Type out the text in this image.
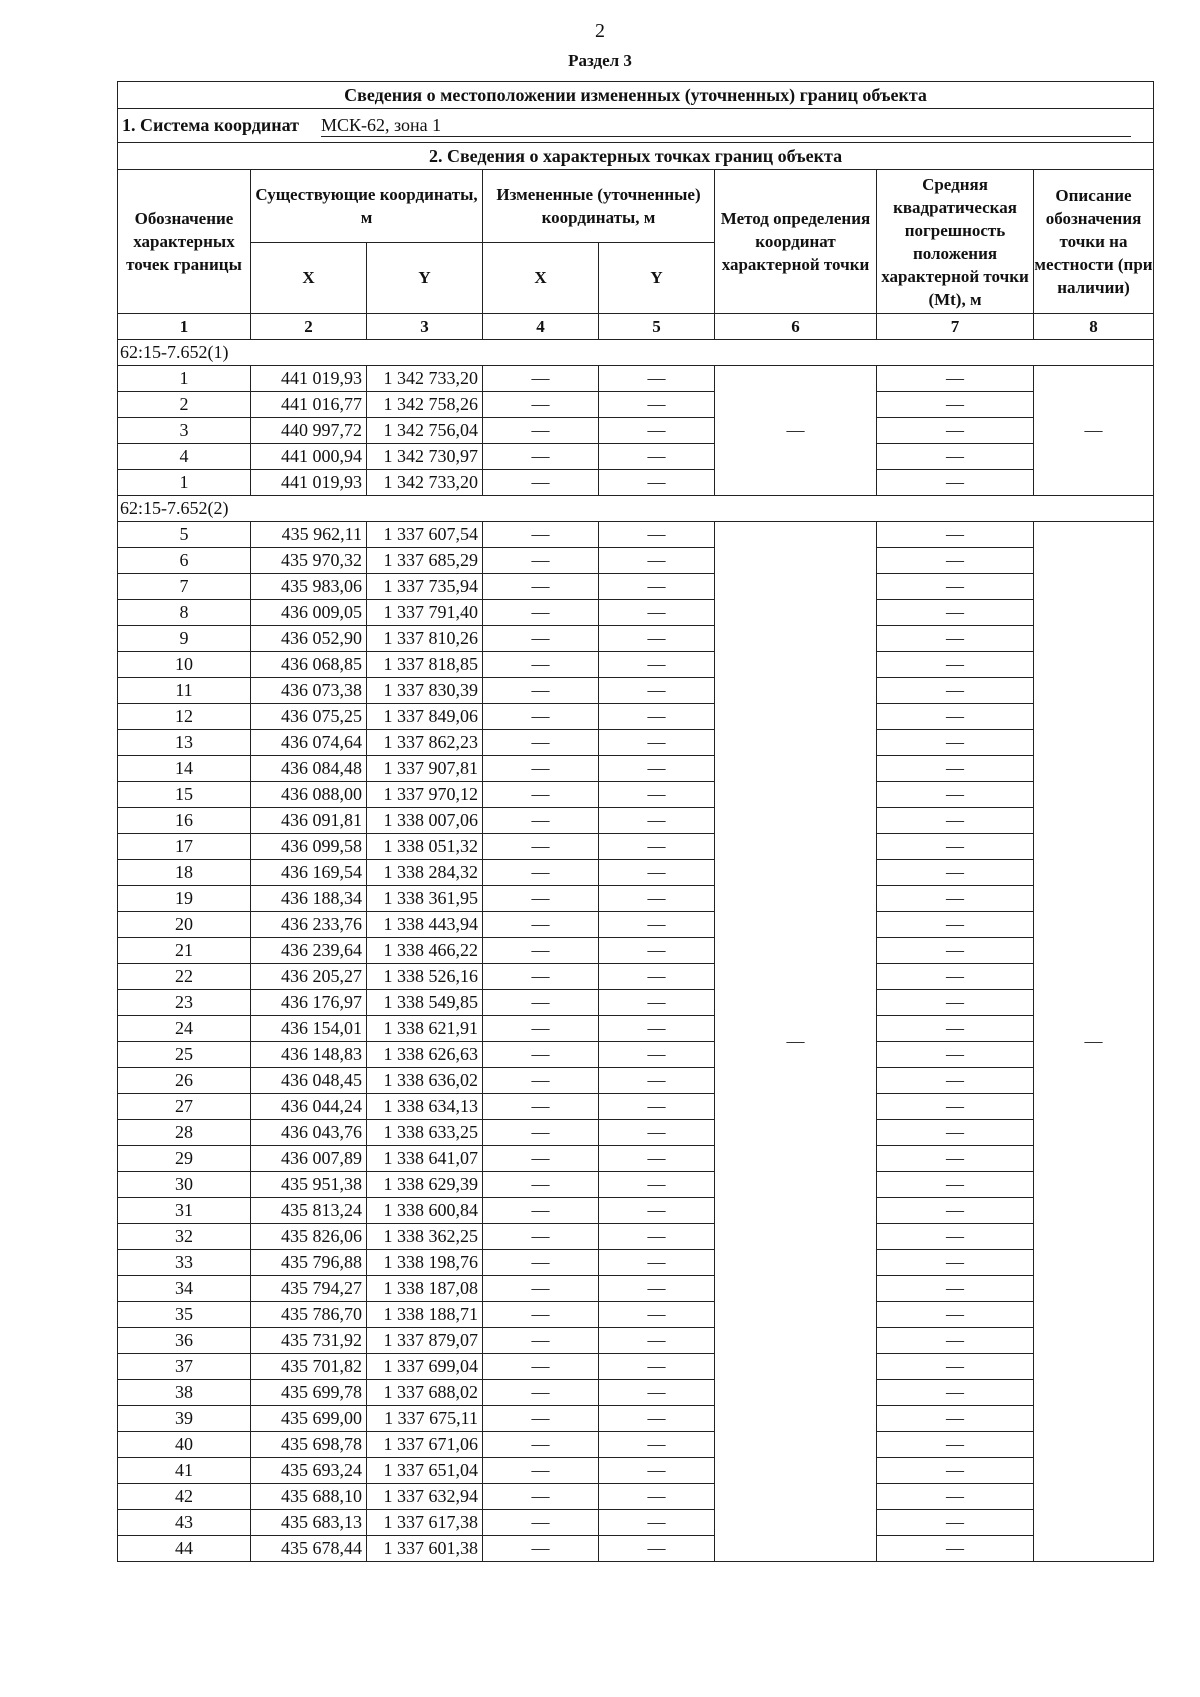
2
Раздел 3
Сведения о местоположении измененных (уточненных) границ объекта							
1. Система координат МСК-62, зона 1							
2. Сведения о характерных точках границ объекта							
Обозначение характерных точек границы	Существующие координаты, м		Измененные (уточненные) координаты, м		Метод определения координат характерной точки	Средняя квадратическая погрешность положения характерной точки (Mt), м	Описание обозначения точки на местности (при наличии)
	X	Y	X	Y			
1	2	3	4	5	6	7	8
62:15-7.652(1)							
1	441 019,93	1 342 733,20	—	—	—	—	—
2	441 016,77	1 342 758,26	—	—		—	
3	440 997,72	1 342 756,04	—	—		—	
4	441 000,94	1 342 730,97	—	—		—	
1	441 019,93	1 342 733,20	—	—		—	
62:15-7.652(2)							
5	435 962,11	1 337 607,54	—	—	—	—	—
6	435 970,32	1 337 685,29	—	—		—	
7	435 983,06	1 337 735,94	—	—		—	
8	436 009,05	1 337 791,40	—	—		—	
9	436 052,90	1 337 810,26	—	—		—	
10	436 068,85	1 337 818,85	—	—		—	
11	436 073,38	1 337 830,39	—	—		—	
12	436 075,25	1 337 849,06	—	—		—	
13	436 074,64	1 337 862,23	—	—		—	
14	436 084,48	1 337 907,81	—	—		—	
15	436 088,00	1 337 970,12	—	—		—	
16	436 091,81	1 338 007,06	—	—		—	
17	436 099,58	1 338 051,32	—	—		—	
18	436 169,54	1 338 284,32	—	—		—	
19	436 188,34	1 338 361,95	—	—		—	
20	436 233,76	1 338 443,94	—	—		—	
21	436 239,64	1 338 466,22	—	—		—	
22	436 205,27	1 338 526,16	—	—		—	
23	436 176,97	1 338 549,85	—	—		—	
24	436 154,01	1 338 621,91	—	—		—	
25	436 148,83	1 338 626,63	—	—		—	
26	436 048,45	1 338 636,02	—	—		—	
27	436 044,24	1 338 634,13	—	—		—	
28	436 043,76	1 338 633,25	—	—		—	
29	436 007,89	1 338 641,07	—	—		—	
30	435 951,38	1 338 629,39	—	—		—	
31	435 813,24	1 338 600,84	—	—		—	
32	435 826,06	1 338 362,25	—	—		—	
33	435 796,88	1 338 198,76	—	—		—	
34	435 794,27	1 338 187,08	—	—		—	
35	435 786,70	1 338 188,71	—	—		—	
36	435 731,92	1 337 879,07	—	—		—	
37	435 701,82	1 337 699,04	—	—		—	
38	435 699,78	1 337 688,02	—	—		—	
39	435 699,00	1 337 675,11	—	—		—	
40	435 698,78	1 337 671,06	—	—		—	
41	435 693,24	1 337 651,04	—	—		—	
42	435 688,10	1 337 632,94	—	—		—	
43	435 683,13	1 337 617,38	—	—		—	
44	435 678,44	1 337 601,38	—	—		—	
